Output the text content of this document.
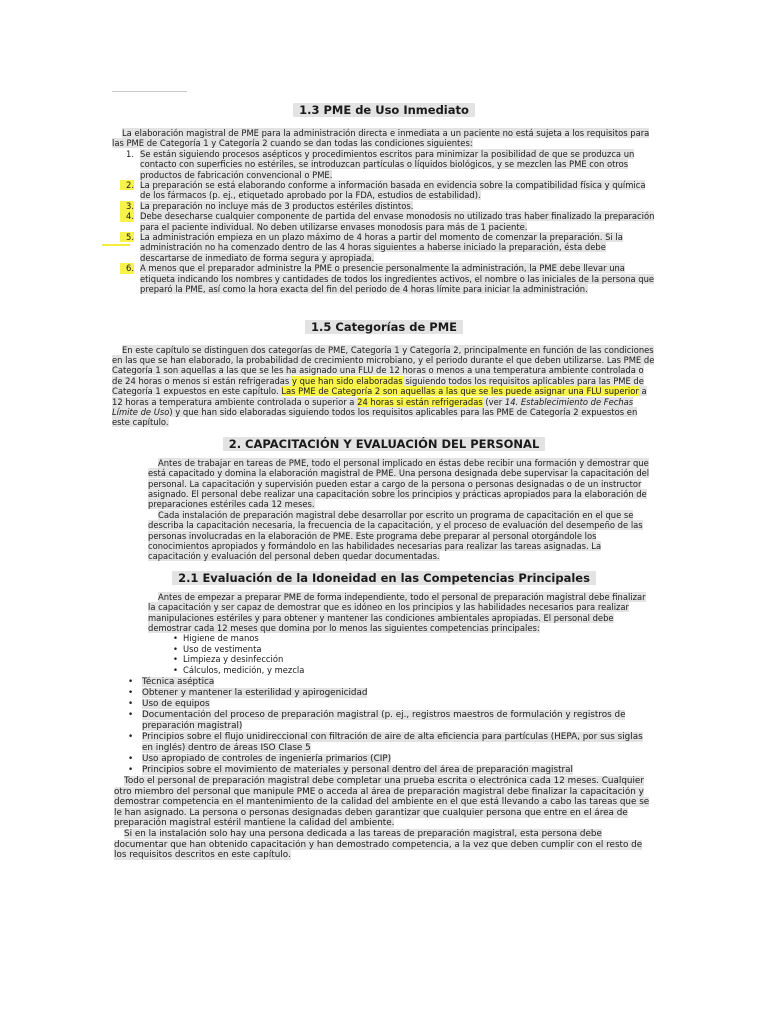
1.3 PME de Uso Inmediato

La elaboración magistral de PME para la administración directa e inmediata a un paciente no está sujeta a los requisitos para las PME de Categoría 1 y Categoría 2 cuando se dan todas las condiciones siguientes:

1. Se están siguiendo procesos asépticos y procedimientos escritos para minimizar la posibilidad de que se produzca un contacto con superficies no estériles, se introduzcan partículas o líquidos biológicos, y se mezclen las PME con otros productos de fabricación convencional o PME.
2. La preparación se está elaborando conforme a información basada en evidencia sobre la compatibilidad física y química de los fármacos (p. ej., etiquetado aprobado por la FDA, estudios de estabilidad).
3. La preparación no incluye más de 3 productos estériles distintos.
4. Debe desecharse cualquier componente de partida del envase monodosis no utilizado tras haber finalizado la preparación para el paciente individual. No deben utilizarse envases monodosis para más de 1 paciente.
5. La administración empieza en un plazo máximo de 4 horas a partir del momento de comenzar la preparación. Si la administración no ha comenzado dentro de las 4 horas siguientes a haberse iniciado la preparación, ésta debe descartarse de inmediato de forma segura y apropiada.
6. A menos que el preparador administre la PME o presencie personalmente la administración, la PME debe llevar una etiqueta indicando los nombres y cantidades de todos los ingredientes activos, el nombre o las iniciales de la persona que preparó la PME, así como la hora exacta del fin del periodo de 4 horas límite para iniciar la administración.
1.5 Categorías de PME

En este capítulo se distinguen dos categorías de PME, Categoría 1 y Categoría 2, principalmente en función de las condiciones en las que se han elaborado, la probabilidad de crecimiento microbiano, y el periodo durante el que deben utilizarse. Las PME de Categoría 1 son aquellas a las que se les ha asignado una FLU de 12 horas o menos a una temperatura ambiente controlada o de 24 horas o menos si están refrigeradas y que han sido elaboradas siguiendo todos los requisitos aplicables para las PME de Categoría 1 expuestos en este capítulo. Las PME de Categoría 2 son aquellas a las que se les puede asignar una FLU superior a 12 horas a temperatura ambiente controlada o superior a 24 horas si están refrigeradas (ver 14. Establecimiento de Fechas Límite de Uso) y que han sido elaboradas siguiendo todos los requisitos aplicables para las PME de Categoría 2 expuestos en este capítulo.

2. CAPACITACIÓN Y EVALUACIÓN DEL PERSONAL

Antes de trabajar en tareas de PME, todo el personal implicado en éstas debe recibir una formación y demostrar que está capacitado y domina la elaboración magistral de PME. Una persona designada debe supervisar la capacitación del personal. La capacitación y supervisión pueden estar a cargo de la persona o personas designadas o de un instructor asignado. El personal debe realizar una capacitación sobre los principios y prácticas apropiados para la elaboración de preparaciones estériles cada 12 meses.

Cada instalación de preparación magistral debe desarrollar por escrito un programa de capacitación en el que se describa la capacitación necesaria, la frecuencia de la capacitación, y el proceso de evaluación del desempeño de las personas involucradas en la elaboración de PME. Este programa debe preparar al personal otorgándole los conocimientos apropiados y formándolo en las habilidades necesarias para realizar las tareas asignadas. La capacitación y evaluación del personal deben quedar documentadas.

2.1 Evaluación de la Idoneidad en las Competencias Principales

Antes de empezar a preparar PME de forma independiente, todo el personal de preparación magistral debe finalizar la capacitación y ser capaz de demostrar que es idóneo en los principios y las habilidades necesarios para realizar manipulaciones estériles y para obtener y mantener las condiciones ambientales apropiadas. El personal debe demostrar cada 12 meses que domina por lo menos las siguientes competencias principales:

• Higiene de manos
• Uso de vestimenta
• Limpieza y desinfección
• Cálculos, medición, y mezcla
• Técnica aséptica
• Obtener y mantener la esterilidad y apirogenicidad
• Uso de equipos
• Documentación del proceso de preparación magistral (p. ej., registros maestros de formulación y registros de preparación magistral)
• Principios sobre el flujo unidireccional con filtración de aire de alta eficiencia para partículas (HEPA, por sus siglas en inglés) dentro de áreas ISO Clase 5
• Uso apropiado de controles de ingeniería primarios (CIP)
• Principios sobre el movimiento de materiales y personal dentro del área de preparación magistral

Todo el personal de preparación magistral debe completar una prueba escrita o electrónica cada 12 meses. Cualquier otro miembro del personal que manipule PME o acceda al área de preparación magistral debe finalizar la capacitación y demostrar competencia en el mantenimiento de la calidad del ambiente en el que está llevando a cabo las tareas que se le han asignado. La persona o personas designadas deben garantizar que cualquier persona que entre en el área de preparación magistral estéril mantiene la calidad del ambiente.

Si en la instalación solo hay una persona dedicada a las tareas de preparación magistral, esta persona debe documentar que han obtenido capacitación y han demostrado competencia, a la vez que deben cumplir con el resto de los requisitos descritos en este capítulo.
